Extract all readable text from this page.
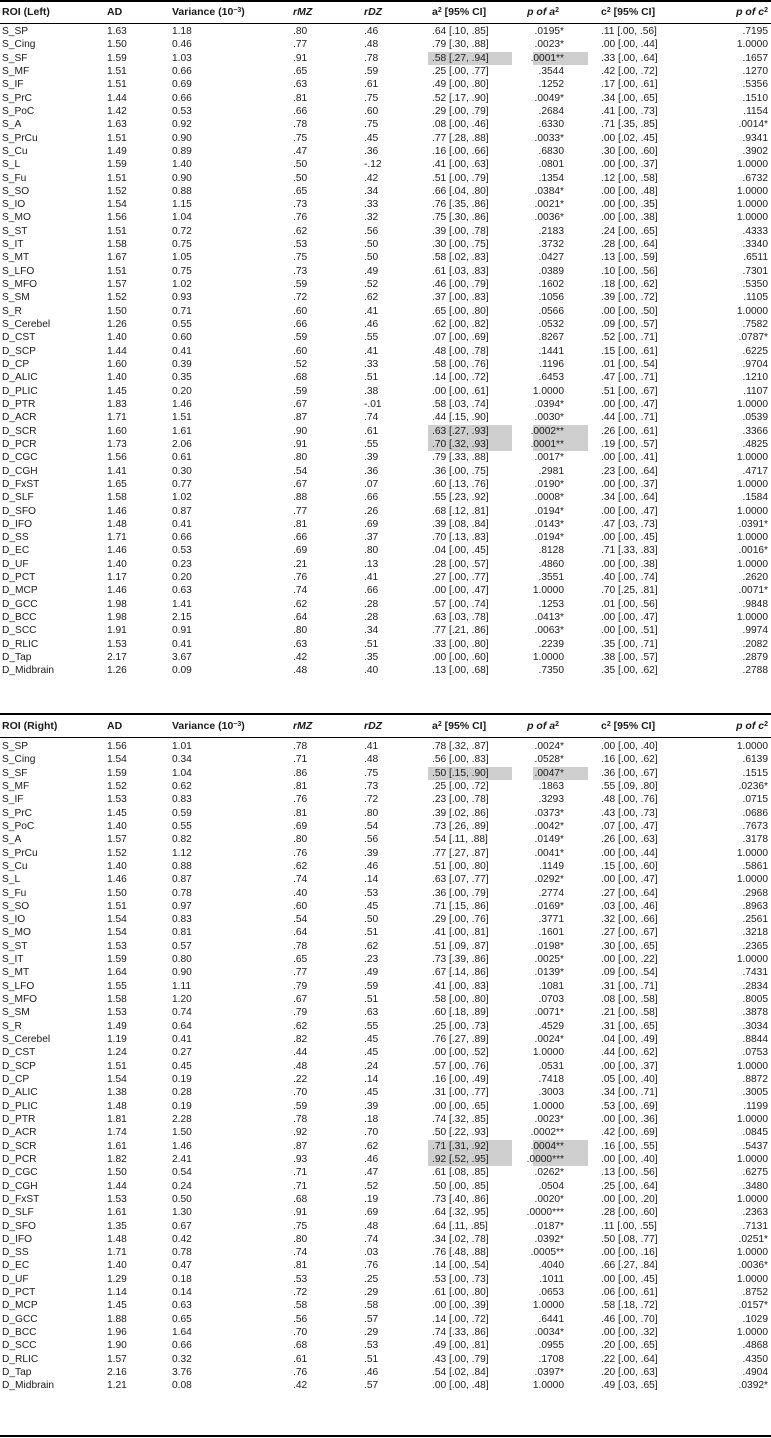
ROI (Left)	AD	Variance $(10^{-3})$	rMZ	rDZ	$a^2$ [95% CI]	p of $a^2$	$c^2$ [95% CI]	p of $c^2$
S_SP	1.63	1.18	.80	.46	.64 [.10, .85]	.0195*	.11 [.00, .56]	.7195
S_Cing	1.50	0.46	.77	.48	.79 [.30, .88]	.0023*	.00 [.00, .44]	1.0000
S_SF	1.59	1.03	.91	.78	.58 [.27, .94]	.0001**	.33 [.00, .64]	.1657
S_MF	1.51	0.66	.65	.59	.25 [.00, .77]	.3544	.42 [.00, .72]	.1270
S_IF	1.51	0.69	.63	.61	.49 [.00, .80]	.1252	.17 [.00, .61]	.5356
S_PrC	1.44	0.66	.81	.75	.52 [.17, .90]	.0049*	.34 [.00, .65]	.1510
S_PoC	1.42	0.53	.66	.60	.29 [.00, .79]	.2684	.41 [.00, .73]	.1154
S_A	1.63	0.92	.78	.75	.08 [.00, .46]	.6330	.71 [.35, .85]	.0014*
S_PrCu	1.51	0.90	.75	.45	.77 [.28, .88]	.0033*	.00 [.02, .45]	.9341
S_Cu	1.49	0.89	.47	.36	.16 [.00, .66]	.6830	.30 [.00, .60]	.3902
S_L	1.59	1.40	.50	-.12	.41 [.00, .63]	.0801	.00 [.00, .37]	1.0000
S_Fu	1.51	0.90	.50	.42	.51 [.00, .79]	.1354	.12 [.00, .58]	.6732
S_SO	1.52	0.88	.65	.34	.66 [.04, .80]	.0384*	.00 [.00, .48]	1.0000
S_IO	1.54	1.15	.73	.33	.76 [.35, .86]	.0021*	.00 [.00, .35]	1.0000
S_MO	1.56	1.04	.76	.32	.75 [.30, .86]	.0036*	.00 [.00, .38]	1.0000
S_ST	1.51	0.72	.62	.56	.39 [.00, .78]	.2183	.24 [.00, .65]	.4333
S_IT	1.58	0.75	.53	.50	.30 [.00, .75]	.3732	.28 [.00, .64]	.3340
S_MT	1.67	1.05	.75	.50	.58 [.02, .83]	.0427	.13 [.00, .59]	.6511
S_LFO	1.51	0.75	.73	.49	.61 [.03, .83]	.0389	.10 [.00, .56]	.7301
S_MFO	1.57	1.02	.59	.52	.46 [.00, .79]	.1602	.18 [.00, .62]	.5350
S_SM	1.52	0.93	.72	.62	.37 [.00, .83]	.1056	.39 [.00, .72]	.1105
S_R	1.50	0.71	.60	.41	.65 [.00, .80]	.0566	.00 [.00, .50]	1.0000
S_Cerebel	1.26	0.55	.66	.46	.62 [.00, .82]	.0532	.09 [.00, .57]	.7582
D_CST	1.40	0.60	.59	.55	.07 [.00, .69]	.8267	.52 [.00, .71]	.0787*
D_SCP	1.44	0.41	.60	.41	.48 [.00, .78]	.1441	.15 [.00, .61]	.6225
D_CP	1.60	0.39	.52	.33	.58 [.00, .76]	.1196	.01 [.00, .54]	.9704
D_ALIC	1.40	0.35	.68	.51	.14 [.00, .72]	.6453	.47 [.00, .71]	.1210
D_PLIC	1.45	0.20	.59	.38	.00 [.00, .61]	1.0000	.51 [.00, .67]	.1107
D_PTR	1.83	1.46	.67	-.01	.58 [.03, .74]	.0394*	.00 [.00, .47]	1.0000
D_ACR	1.71	1.51	.87	.74	.44 [.15, .90]	.0030*	.44 [.00, .71]	.0539
D_SCR	1.60	1.61	.90	.61	.63 [.27, .93]	.0002**	.26 [.00, .61]	.3366
D_PCR	1.73	2.06	.91	.55	.70 [.32, .93]	.0001**	.19 [.00, .57]	.4825
D_CGC	1.56	0.61	.80	.39	.79 [.33, .88]	.0017*	.00 [.00, .41]	1.0000
D_CGH	1.41	0.30	.54	.36	.36 [.00, .75]	.2981	.23 [.00, .64]	.4717
D_FxST	1.65	0.77	.67	.07	.60 [.13, .76]	.0190*	.00 [.00, .37]	1.0000
D_SLF	1.58	1.02	.88	.66	.55 [.23, .92]	.0008*	.34 [.00, .64]	.1584
D_SFO	1.46	0.87	.77	.26	.68 [.12, .81]	.0194*	.00 [.00, .47]	1.0000
D_IFO	1.48	0.41	.81	.69	.39 [.08, .84]	.0143*	.47 [.03, .73]	.0391*
D_SS	1.71	0.66	.66	.37	.70 [.13, .83]	.0194*	.00 [.00, .45]	1.0000
D_EC	1.46	0.53	.69	.80	.04 [.00, .45]	.8128	.71 [.33, .83]	.0016*
D_UF	1.40	0.23	.21	.13	.28 [.00, .57]	.4860	.00 [.00, .38]	1.0000
D_PCT	1.17	0.20	.76	.41	.27 [.00, .77]	.3551	.40 [.00, .74]	.2620
D_MCP	1.46	0.63	.74	.66	.00 [.00, .47]	1.0000	.70 [.25, .81]	.0071*
D_GCC	1.98	1.41	.62	.28	.57 [.00, .74]	.1253	.01 [.00, .56]	.9848
D_BCC	1.98	2.15	.64	.28	.63 [.03, .78]	.0413*	.00 [.00, .47]	1.0000
D_SCC	1.91	0.91	.80	.34	.77 [.21, .86]	.0063*	.00 [.00, .51]	.9974
D_RLIC	1.53	0.41	.63	.51	.33 [.00, .80]	.2239	.35 [.00, .71]	.2082
D_Tap	2.17	3.67	.42	.35	.00 [.00, .60]	1.0000	.38 [.00, .57]	.2879
D_Midbrain	1.26	0.09	.48	.40	.13 [.00, .68]	.7350	.35 [.00, .62]	.2788
ROI (Right)	AD	Variance $(10^{-3})$	rMZ	rDZ	$a^2$ [95% CI]	p of $a^2$	$c^2$ [95% CI]	p of $c^2$
S_SP	1.56	1.01	.78	.41	.78 [.32, .87]	.0024*	.00 [.00, .40]	1.0000
S_Cing	1.54	0.34	.71	.48	.56 [.00, .83]	.0528*	.16 [.00, .62]	.6139
S_SF	1.59	1.04	.86	.75	.50 [.15, .90]	.0047*	.36 [.00, .67]	.1515
S_MF	1.52	0.62	.81	.73	.25 [.00, .72]	.1863	.55 [.09, .80]	.0236*
S_IF	1.53	0.83	.76	.72	.23 [.00, .78]	.3293	.48 [.00, .76]	.0715
S_PrC	1.45	0.59	.81	.80	.39 [.02, .86]	.0373*	.43 [.00, .73]	.0686
S_PoC	1.40	0.55	.69	.54	.73 [.26, .89]	.0042*	.07 [.00, .47]	.7673
S_A	1.57	0.82	.80	.56	.54 [.11, .88]	.0149*	.26 [.00, .63]	.3178
S_PrCu	1.52	1.12	.76	.39	.77 [.27, .87]	.0041*	.00 [.00, .44]	1.0000
S_Cu	1.40	0.88	.62	.46	.51 [.00, .80]	.1149	.15 [.00, .60]	.5861
S_L	1.46	0.87	.74	.14	.63 [.07, .77]	.0292*	.00 [.00, .47]	1.0000
S_Fu	1.50	0.78	.40	.53	.36 [.00, .79]	.2774	.27 [.00, .64]	.2968
S_SO	1.51	0.97	.60	.45	.71 [.15, .86]	.0169*	.03 [.00, .46]	.8963
S_IO	1.54	0.83	.54	.50	.29 [.00, .76]	.3771	.32 [.00, .66]	.2561
S_MO	1.54	0.81	.64	.51	.41 [.00, .81]	.1601	.27 [.00, .67]	.3218
S_ST	1.53	0.57	.78	.62	.51 [.09, .87]	.0198*	.30 [.00, .65]	.2365
S_IT	1.59	0.80	.65	.23	.73 [.39, .86]	.0025*	.00 [.00, .22]	1.0000
S_MT	1.64	0.90	.77	.49	.67 [.14, .86]	.0139*	.09 [.00, .54]	.7431
S_LFO	1.55	1.11	.79	.59	.41 [.00, .83]	.1081	.31 [.00, .71]	.2834
S_MFO	1.58	1.20	.67	.51	.58 [.00, .80]	.0703	.08 [.00, .58]	.8005
S_SM	1.53	0.74	.79	.63	.60 [.18, .89]	.0071*	.21 [.00, .58]	.3878
S_R	1.49	0.64	.62	.55	.25 [.00, .73]	.4529	.31 [.00, .65]	.3034
S_Cerebel	1.19	0.41	.82	.45	.76 [.27, .89]	.0024*	.04 [.00, .49]	.8844
D_CST	1.24	0.27	.44	.45	.00 [.00, .52]	1.0000	.44 [.00, .62]	.0753
D_SCP	1.51	0.45	.48	.24	.57 [.00, .76]	.0531	.00 [.00, .37]	1.0000
D_CP	1.54	0.19	.22	.14	.16 [.00, .49]	.7418	.05 [.00, .40]	.8872
D_ALIC	1.38	0.28	.70	.45	.31 [.00, .77]	.3003	.34 [.00, .71]	.3005
D_PLIC	1.48	0.19	.59	.39	.00 [.00, .65]	1.0000	.53 [.00, .69]	.1199
D_PTR	1.81	2.28	.78	.18	.74 [.32, .85]	.0023*	.00 [.00, .36]	1.0000
D_ACR	1.74	1.50	.92	.70	.50 [.22, .93]	.0002**	.42 [.00, .69]	.0845
D_SCR	1.61	1.46	.87	.62	.71 [.31, .92]	.0004**	.16 [.00, .55]	.5437
D_PCR	1.82	2.41	.93	.46	.92 [.52, .95]	.0000***	.00 [.00, .40]	1.0000
D_CGC	1.50	0.54	.71	.47	.61 [.08, .85]	.0262*	.13 [.00, .56]	.6275
D_CGH	1.44	0.24	.71	.52	.50 [.00, .85]	.0504	.25 [.00, .64]	.3480
D_FxST	1.53	0.50	.68	.19	.73 [.40, .86]	.0020*	.00 [.00, .20]	1.0000
D_SLF	1.61	1.30	.91	.69	.64 [.32, .95]	.0000***	.28 [.00, .60]	.2363
D_SFO	1.35	0.67	.75	.48	.64 [.11, .85]	.0187*	.11 [.00, .55]	.7131
D_IFO	1.48	0.42	.80	.74	.34 [.02, .78]	.0392*	.50 [.08, .77]	.0251*
D_SS	1.71	0.78	.74	.03	.76 [.48, .88]	.0005**	.00 [.00, .16]	1.0000
D_EC	1.40	0.47	.81	.76	.14 [.00, .54]	.4040	.66 [.27, .84]	.0036*
D_UF	1.29	0.18	.53	.25	.53 [.00, .73]	.1011	.00 [.00, .45]	1.0000
D_PCT	1.14	0.14	.72	.29	.61 [.00, .80]	.0653	.06 [.00, .61]	.8752
D_MCP	1.45	0.63	.58	.58	.00 [.00, .39]	1.0000	.58 [.18, .72]	.0157*
D_GCC	1.88	0.65	.56	.57	.14 [.00, .72]	.6441	.46 [.00, .70]	.1029
D_BCC	1.96	1.64	.70	.29	.74 [.33, .86]	.0034*	.00 [.00, .32]	1.0000
D_SCC	1.90	0.66	.68	.53	.49 [.00, .81]	.0955	.20 [.00, .65]	.4868
D_RLIC	1.57	0.32	.61	.51	.43 [.00, .79]	.1708	.22 [.00, .64]	.4350
D_Tap	2.16	3.76	.76	.46	.54 [.02, .84]	.0397*	.20 [.00, .63]	.4904
D_Midbrain	1.21	0.08	.42	.57	.00 [.00, .48]	1.0000	.49 [.03, .65]	.0392*
